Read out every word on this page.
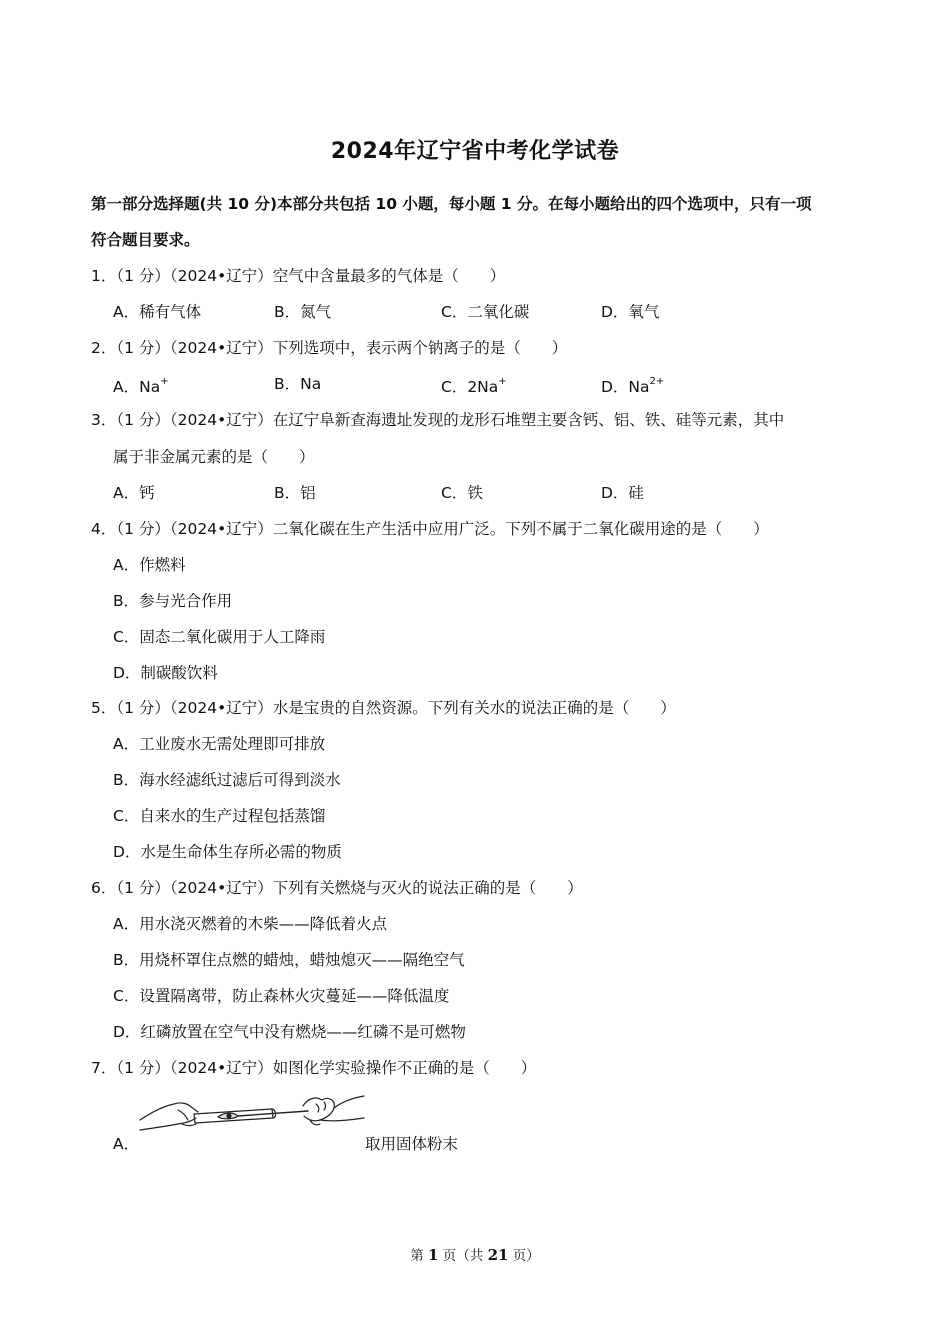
2024年辽宁省中考化学试卷
第一部分选择题(共 10 分)本部分共包括 10 小题，每小题 1 分。在每小题给出的四个选项中，只有一项
符合题目要求。
1．（1 分）（2024•辽宁）空气中含量最多的气体是（　　）
A．稀有气体	B．氮气	C．二氧化碳	D．氧气
2．（1 分）（2024•辽宁）下列选项中，表示两个钠离子的是（　　）
A．Na+	B．Na	C．2Na+	D．$Na^{2+}$
3．（1 分）（2024•辽宁）在辽宁阜新查海遗址发现的龙形石堆塑主要含钙、铝、铁、硅等元素，其中
属于非金属元素的是（　　）
A．钙	B．铝	C．铁	D．硅
4．（1 分）（2024•辽宁）二氧化碳在生产生活中应用广泛。下列不属于二氧化碳用途的是（　　）
A．作燃料
B．参与光合作用
C．固态二氧化碳用于人工降雨
D．制碳酸饮料
5．（1 分）（2024•辽宁）水是宝贵的自然资源。下列有关水的说法正确的是（　　）
A．工业废水无需处理即可排放
B．海水经滤纸过滤后可得到淡水
C．自来水的生产过程包括蒸馏
D．水是生命体生存所必需的物质
6．（1 分）（2024•辽宁）下列有关燃烧与灭火的说法正确的是（　　）
A．用水浇灭燃着的木柴——降低着火点
B．用烧杯罩住点燃的蜡烛，蜡烛熄灭——隔绝空气
C．设置隔离带，防止森林火灾蔓延——降低温度
D．红磷放置在空气中没有燃烧——红磷不是可燃物
7．（1 分）（2024•辽宁）如图化学实验操作不正确的是（　　）
A．	取用固体粉末
第 1 页（共 21 页）
